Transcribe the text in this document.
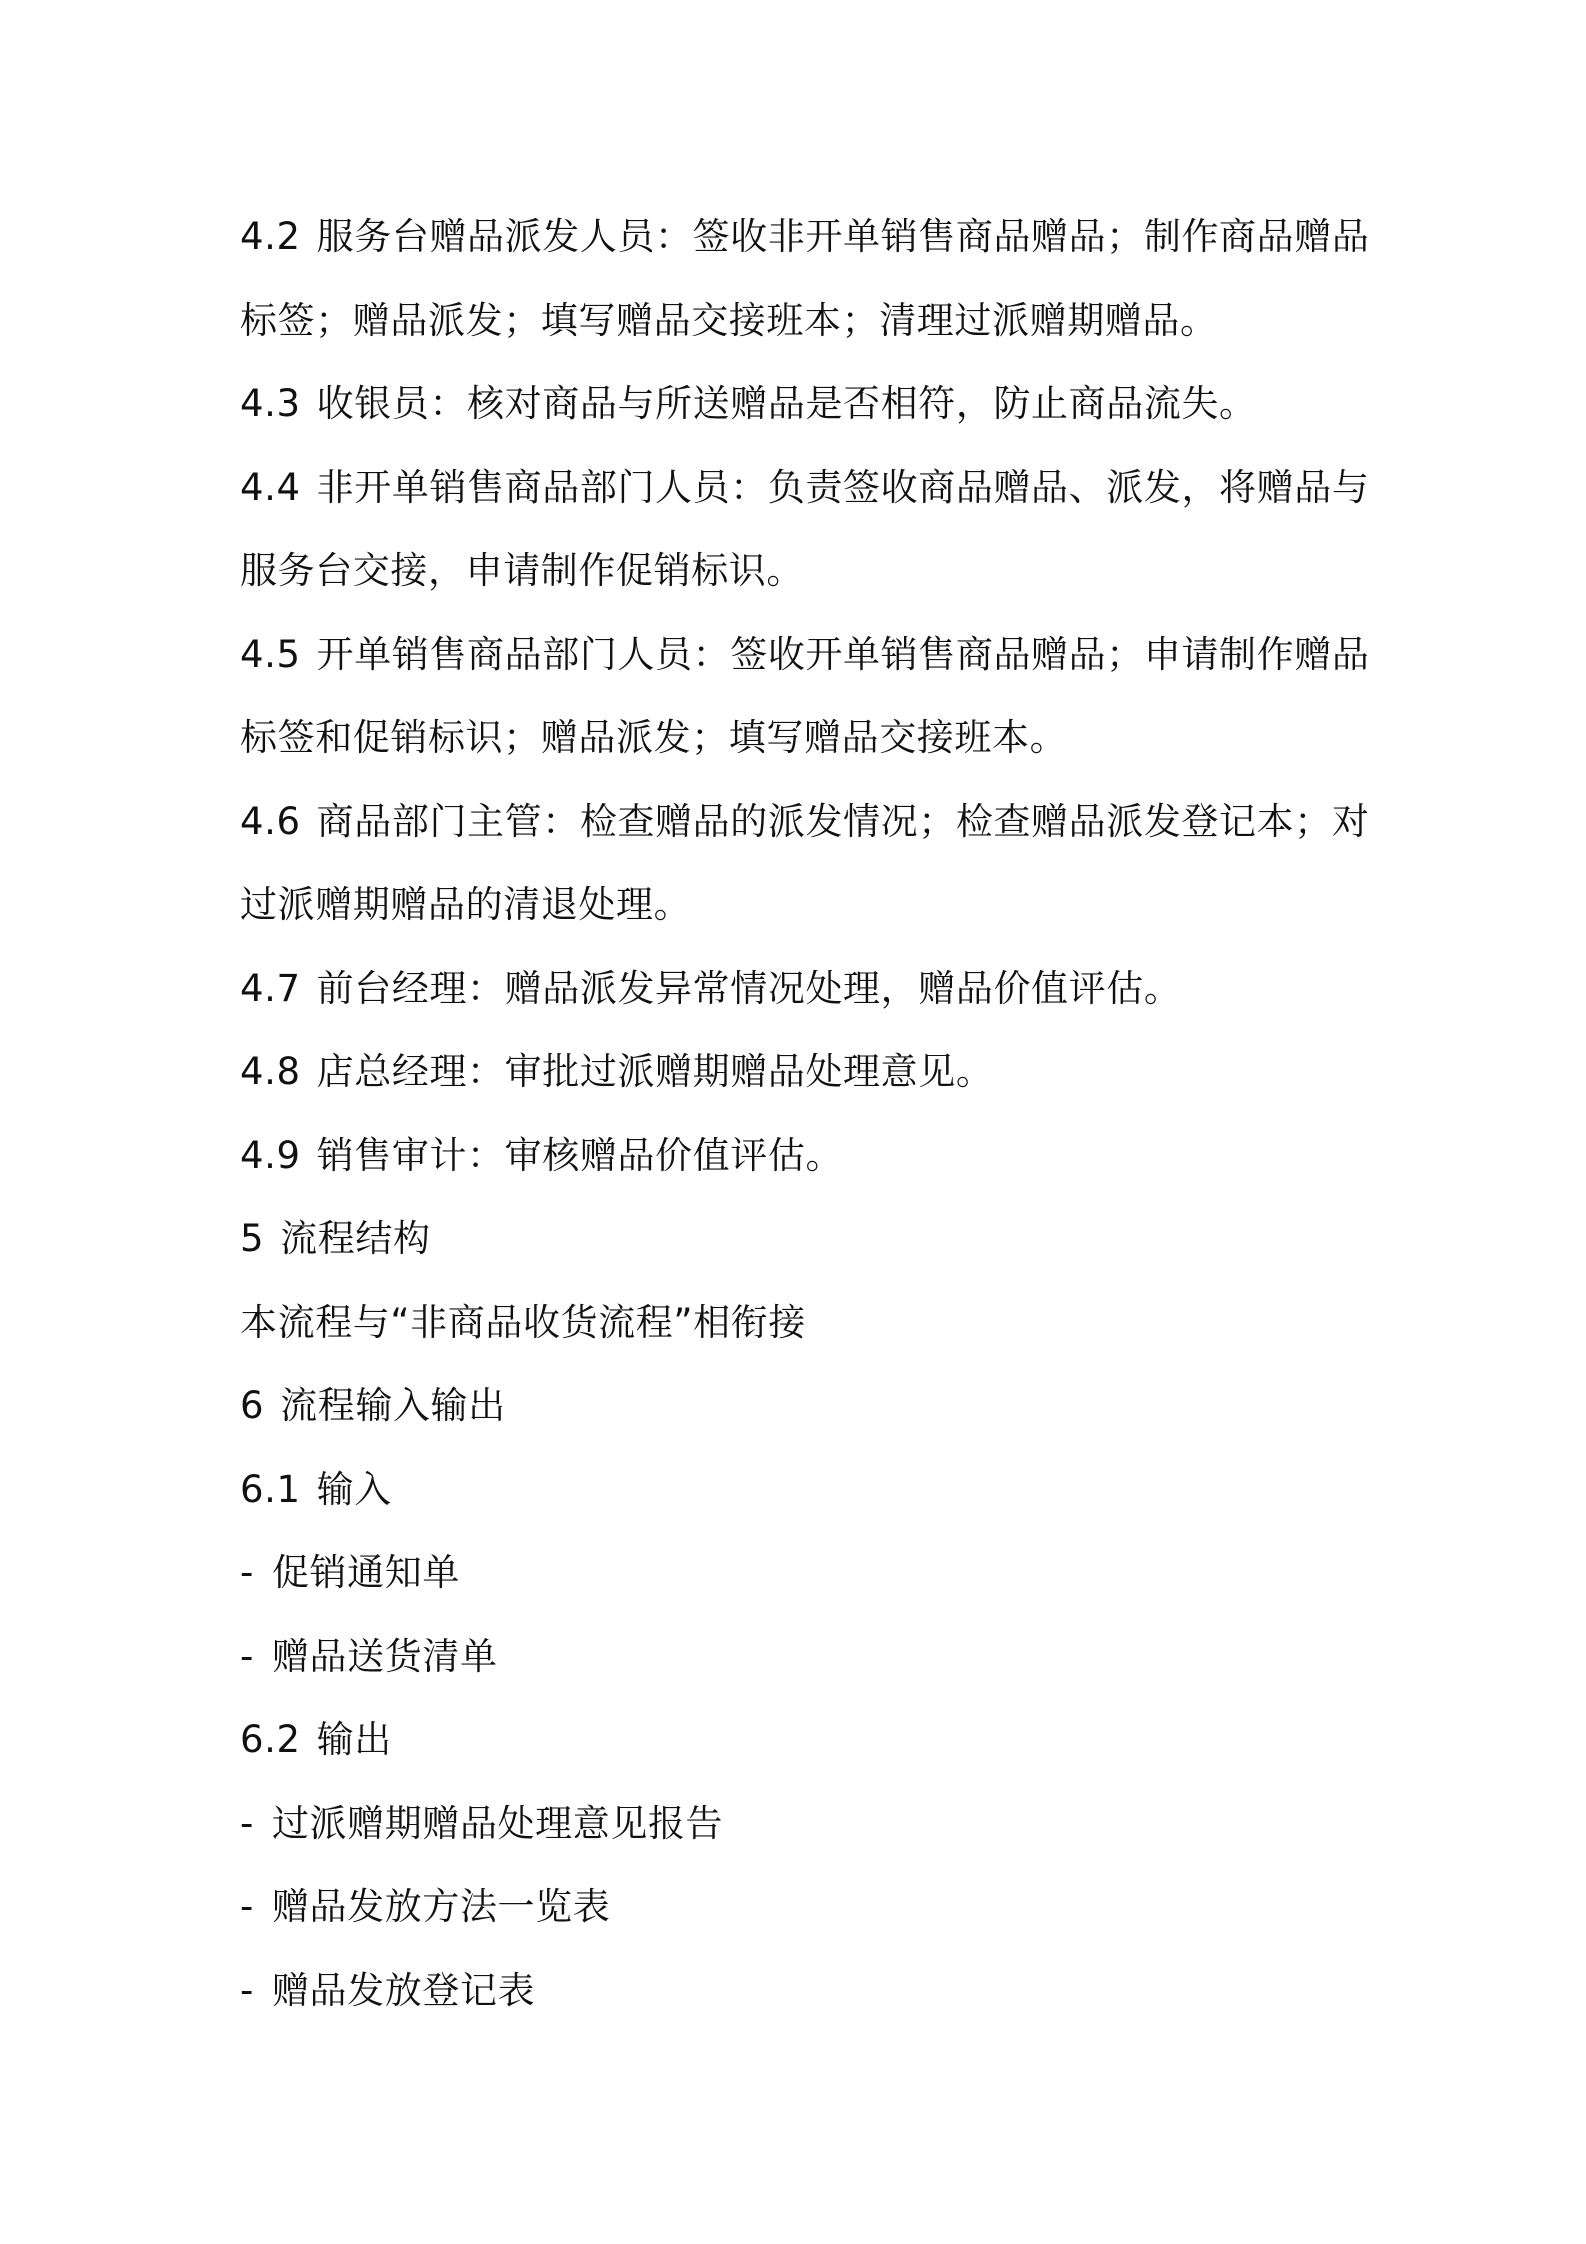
4.2 服务台赠品派发人员：签收非开单销售商品赠品；制作商品赠品
标签；赠品派发；填写赠品交接班本；清理过派赠期赠品。
4.3 收银员：核对商品与所送赠品是否相符，防止商品流失。
4.4 非开单销售商品部门人员：负责签收商品赠品、派发，将赠品与
服务台交接，申请制作促销标识。
4.5 开单销售商品部门人员：签收开单销售商品赠品；申请制作赠品
标签和促销标识；赠品派发；填写赠品交接班本。
4.6 商品部门主管：检查赠品的派发情况；检查赠品派发登记本；对
过派赠期赠品的清退处理。
4.7 前台经理：赠品派发异常情况处理，赠品价值评估。
4.8 店总经理：审批过派赠期赠品处理意见。
4.9 销售审计：审核赠品价值评估。
5 流程结构
本流程与“非商品收货流程”相衔接
6 流程输入输出
6.1 输入
- 促销通知单
- 赠品送货清单
6.2 输出
- 过派赠期赠品处理意见报告
- 赠品发放方法一览表
- 赠品发放登记表
